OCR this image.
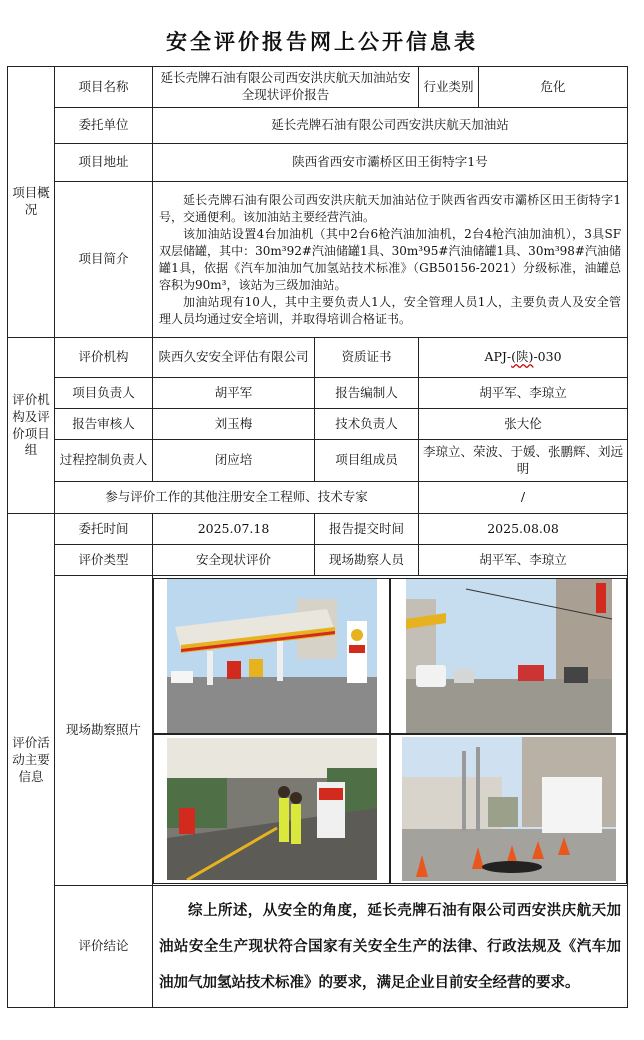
安全评价报告网上公开信息表
项目概况	项目名称	延长壳牌石油有限公司西安洪庆航天加油站安全现状评价报告		行业类别	危化
	委托单位	延长壳牌石油有限公司西安洪庆航天加油站			
	项目地址	陕西省西安市灞桥区田王街特字1号			
	项目简介	延长壳牌石油有限公司西安洪庆航天加油站位于陕西省西安市灞桥区田王街特字1号，交通便利。该加油站主要经营汽油。

该加油站设置4台加油机（其中2台6枪汽油加油机，2台4枪汽油加油机），3具SF双层储罐，其中：30m³92#汽油储罐1具、30m³95#汽油储罐1具、30m³98#汽油储罐1具，依据《汽车加油加气加氢站技术标准》（GB50156-2021）分级标准，油罐总容积为90m³，该站为三级加油站。

加油站现有10人，其中主要负责人1人，安全管理人员1人，主要负责人及安全管理人员均通过安全培训，并取得培训合格证书。			

评价机构及评价项目组	评价机构	陕西久安安全评估有限公司	资质证书	APJ-(陕)-030	
	项目负责人	胡平军	报告编制人	胡平军、李琼立	
	报告审核人	刘玉梅	技术负责人	张大伦	
	过程控制负责人	闭应培	项目组成员	李琼立、荣波、于媛、张鹏辉、刘远明	
	参与评价工作的其他注册安全工程师、技术专家			/	
评价活动主要信息	委托时间	2025.07.18	报告提交时间	2025.08.08	
	评价类型	安全现状评价	现场勘察人员	胡平军、李琼立	
	现场勘察照片	

	评价结论	综上所述，从安全的角度，延长壳牌石油有限公司西安洪庆航天加油站安全生产现状符合国家有关安全生产的法律、行政法规及《汽车加油加气加氢站技术标准》的要求，满足企业目前安全经营的要求。			
